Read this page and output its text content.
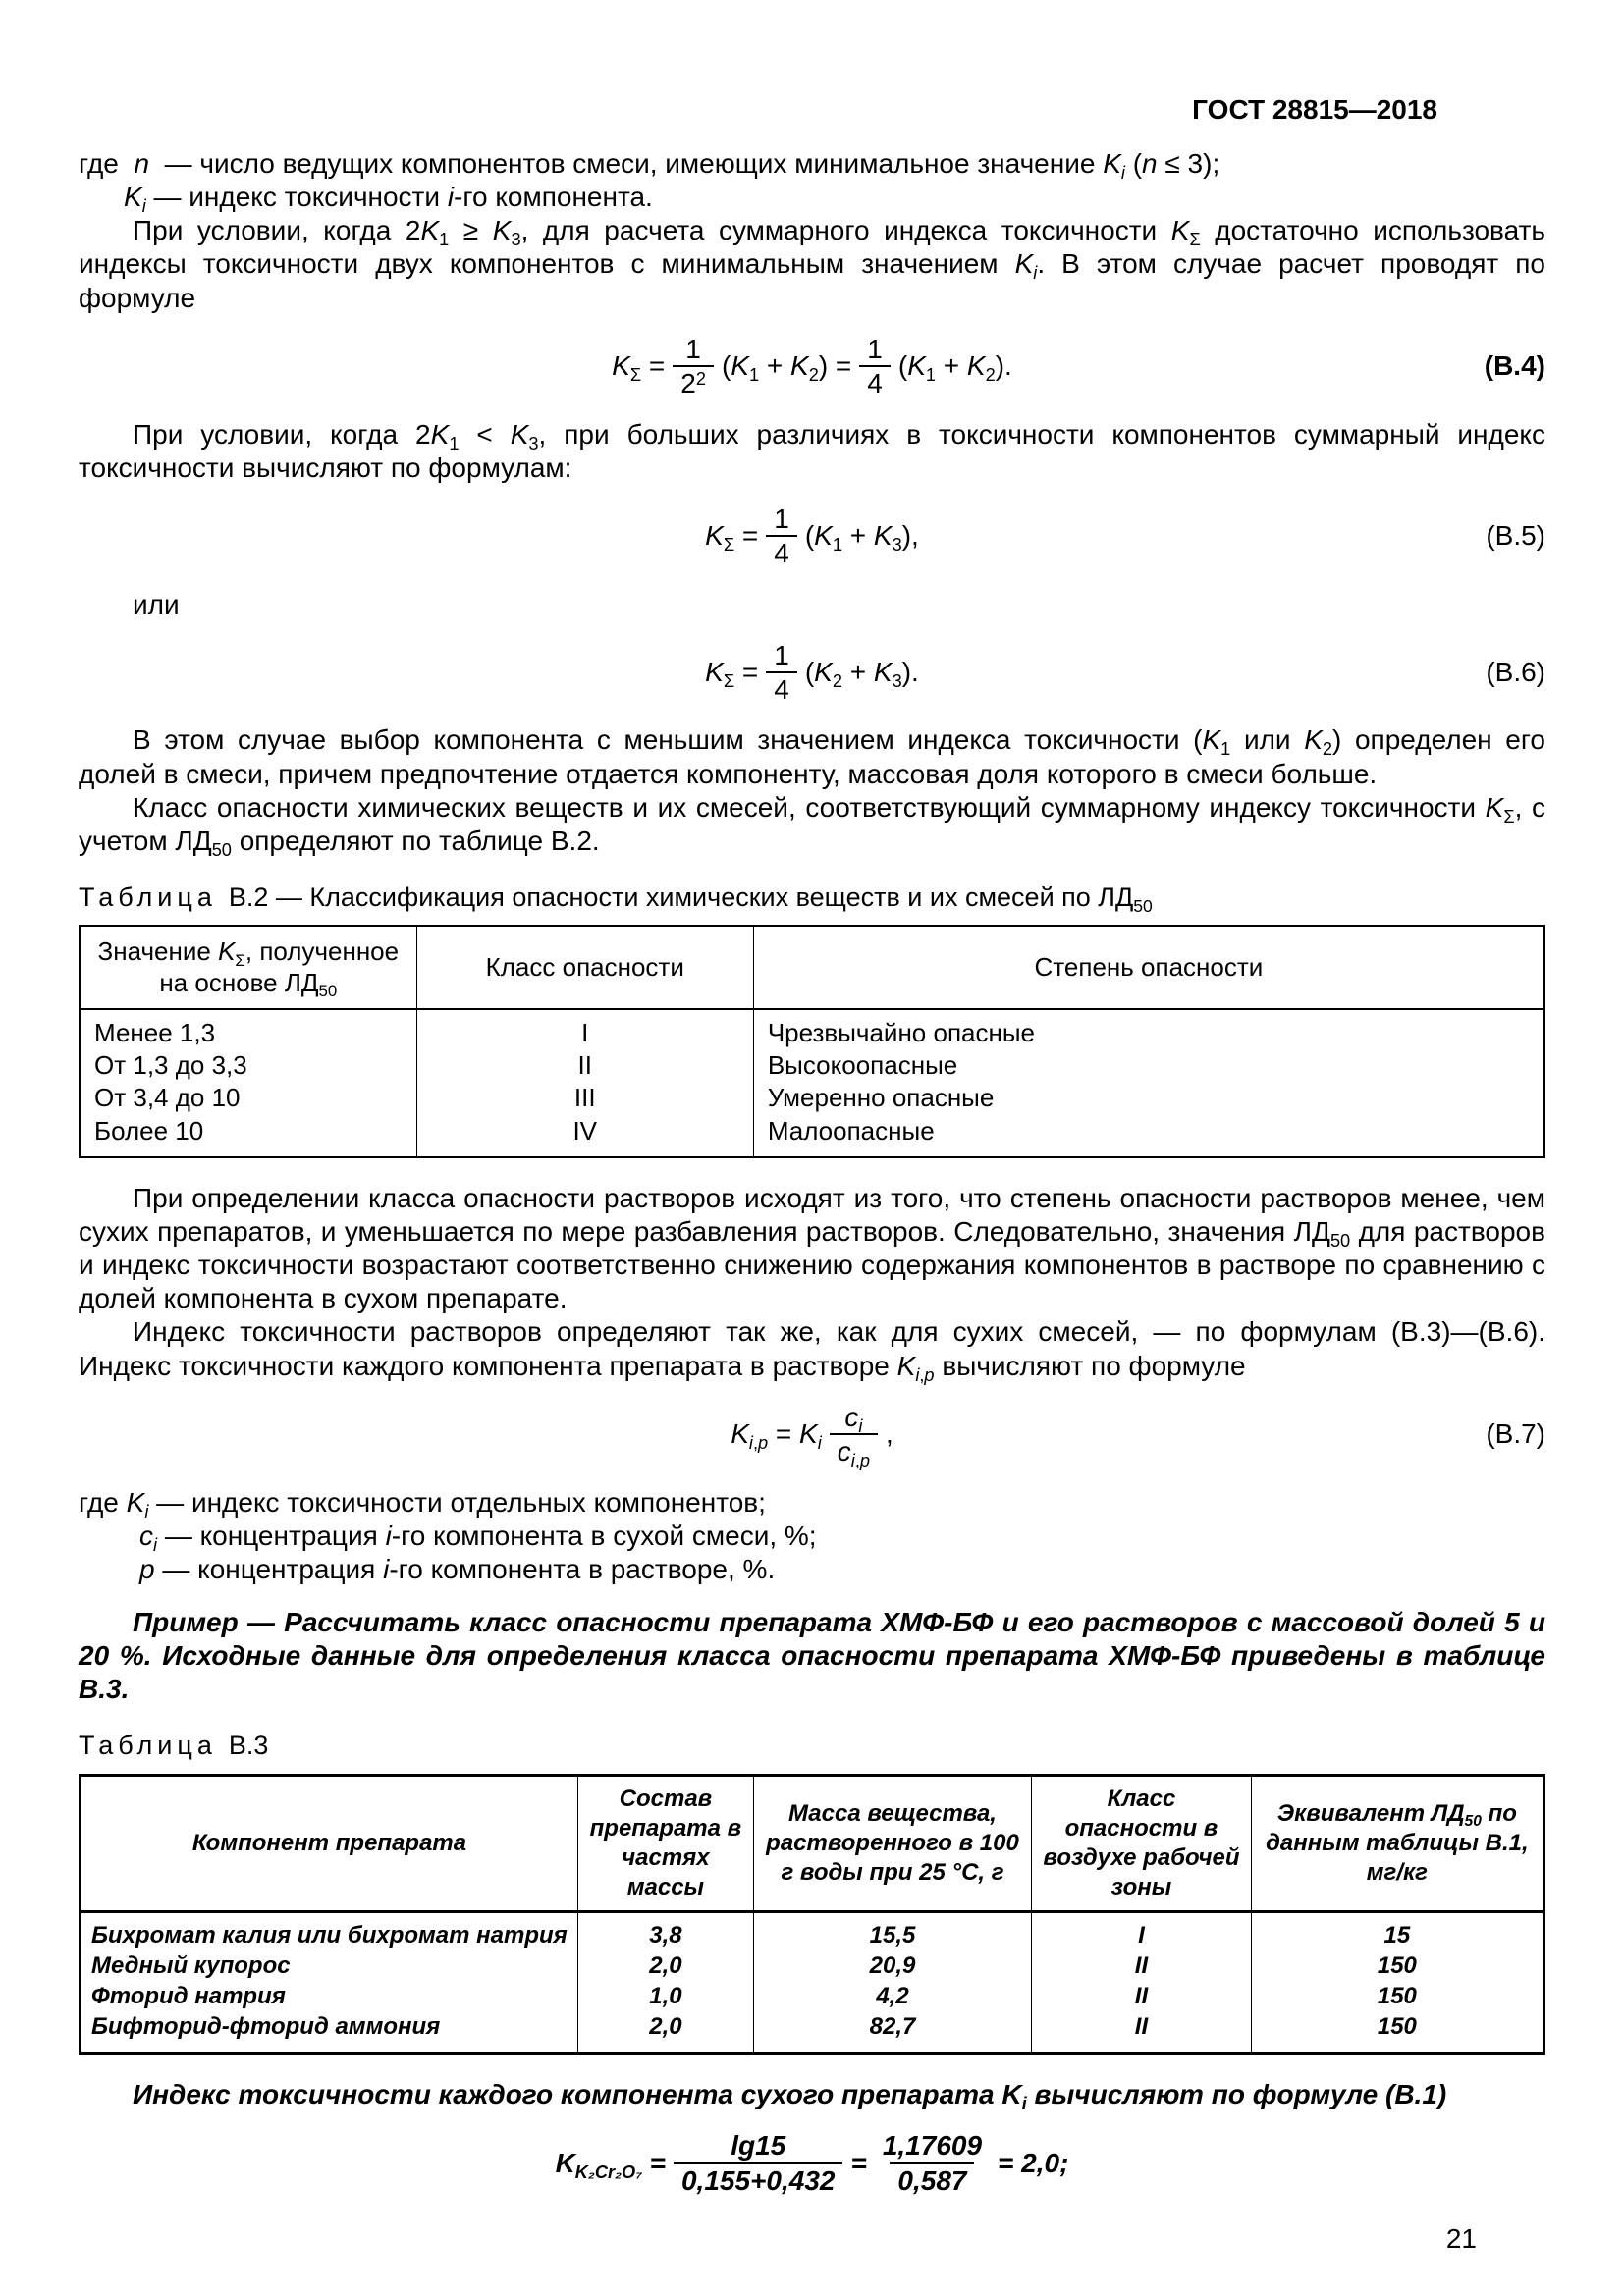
ГОСТ 28815—2018
где  n  — число ведущих компонентов смеси, имеющих минимальное значение $K_i$ (n ≤ 3);
$K_i$ — индекс токсичности i-го компонента.

При условии, когда $2K_1 \ge K_3$, для расчета суммарного индекса токсичности $K_\Sigma$ достаточно использовать индексы токсичности двух компонентов с минимальным значением $K_i$. В этом случае расчет проводят по формуле

$K_\Sigma = \frac{1}{2^2} (K_1 + K_2) = \frac{1}{4} (K_1 + K_2)$.	(В.4)

При условии, когда $2K_1 < K_3$, при больших различиях в токсичности компонентов суммарный индекс токсичности вычисляют по формулам:

$K_\Sigma = \frac{1}{4} (K_1 + K_3)$,	(В.5)

или

$K_\Sigma = \frac{1}{4} (K_2 + K_3)$.	(В.6)

В этом случае выбор компонента с меньшим значением индекса токсичности ($K_1$ или $K_2$) определен его долей в смеси, причем предпочтение отдается компоненту, массовая доля которого в смеси больше.

Класс опасности химических веществ и их смесей, соответствующий суммарному индексу токсичности $K_\Sigma$, с учетом $ЛД_{50}$ определяют по таблице В.2.

Таблица В.2 — Классификация опасности химических веществ и их смесей по $ЛД_{50}$
Значение $K_\Sigma$, полученное на основе $ЛД_{50}$	Класс опасности	Степень опасности
Менее 1,3	I	Чрезвычайно опасные
От 1,3 до 3,3	II	Высокоопасные
От 3,4 до 10	III	Умеренно опасные
Более 10	IV	Малоопасные

При определении класса опасности растворов исходят из того, что степень опасности растворов менее, чем сухих препаратов, и уменьшается по мере разбавления растворов. Следовательно, значения $ЛД_{50}$ для растворов и индекс токсичности возрастают соответственно снижению содержания компонентов в растворе по сравнению с долей компонента в сухом препарате.

Индекс токсичности растворов определяют так же, как для сухих смесей, — по формулам (В.3)—(В.6). Индекс токсичности каждого компонента препарата в растворе $K_{i,р}$ вычисляют по формуле

$K_{i,р} = K_i \frac{c_i}{c_{i,р}}$ ,	(В.7)
где $K_i$ — индекс токсичности отдельных компонентов;
$c_i$ — концентрация i-го компонента в сухой смеси, %;
р — концентрация i-го компонента в растворе, %.

Пример — Рассчитать класс опасности препарата ХМФ-БФ и его растворов с массовой долей 5 и 20 %. Исходные данные для определения класса опасности препарата ХМФ-БФ приведены в таблице В.3.

Таблица В.3
Компонент препарата	Состав препарата в частях массы	Масса вещества, растворенного в 100 г воды при 25 °С, г	Класс опасности в воздухе рабочей зоны	Эквивалент $ЛД_{50}$ по данным таблицы В.1, мг/кг
Бихромат калия или бихромат натрия	3,8	15,5	I	15
Медный купорос	2,0	20,9	II	150
Фторид натрия	1,0	4,2	II	150
Бифторид-фторид аммония	2,0	82,7	II	150

Индекс токсичности каждого компонента сухого препарата $K_i$ вычисляют по формуле (В.1)

$K_{K_2Cr_2O_7} = \frac{\lg 15}{0,155+0,432} = \frac{1,17609}{0,587} = 2,0$;
21
